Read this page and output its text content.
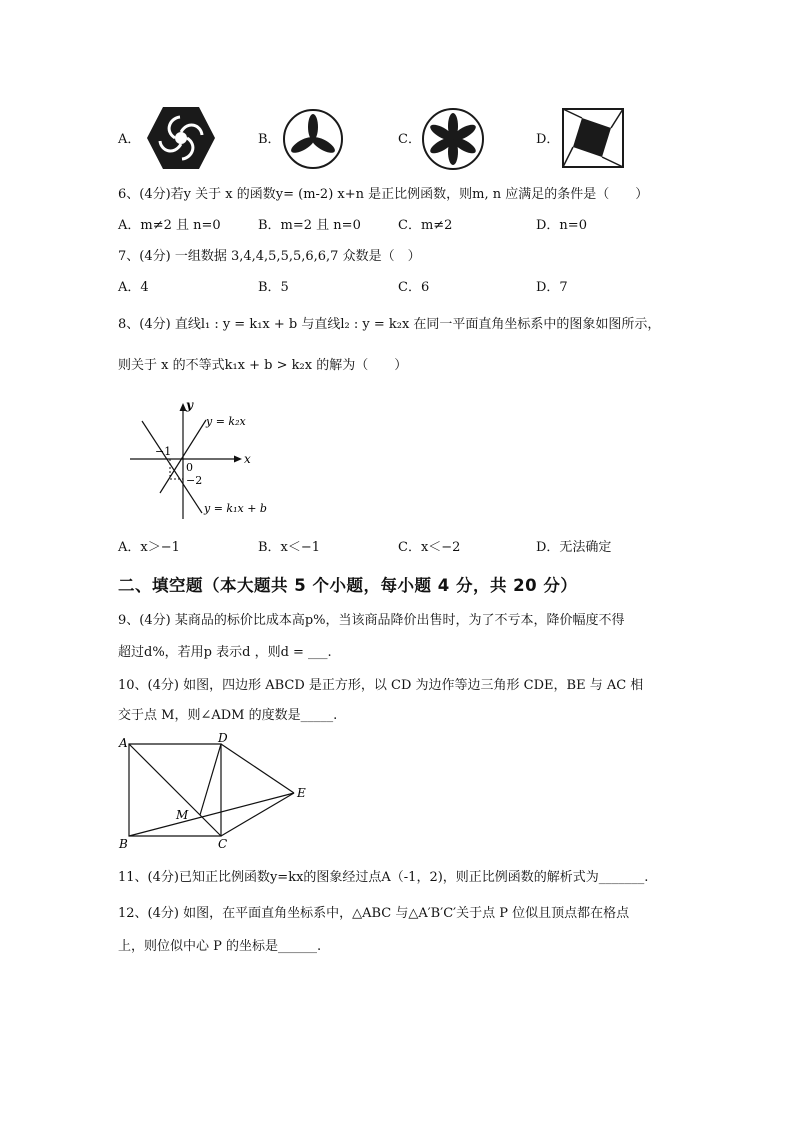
A．	B．	C．	D．
6、(4分)若y 关于 x 的函数y= (m-2) x+n 是正比例函数，则m, n 应满足的条件是（　　）
A．m≠2 且 n=0	B．m=2 且 n=0	C．m≠2	D．n=0
7、(4分) 一组数据 3,4,4,5,5,5,6,6,7 众数是（　）
A．4	B．5	C．6	D．7
8、(4分) 直线l₁ : y = k₁x + b 与直线l₂ : y = k₂x 在同一平面直角坐标系中的图象如图所示，
则关于 x 的不等式k₁x + b > k₂x 的解为（　　）
x
y
0
−1
−2
y = k₂x
y = k₁x + b
A．x＞−1	B．x＜−1	C．x＜−2	D．无法确定
二、填空题（本大题共 5 个小题，每小题 4 分，共 20 分）
9、(4分) 某商品的标价比成本高p%，当该商品降价出售时，为了不亏本，降价幅度不得
超过d%，若用p 表示d ，则d = ___.
10、(4分) 如图，四边形 ABCD 是正方形，以 CD 为边作等边三角形 CDE，BE 与 AC 相
交于点 M，则∠ADM 的度数是_____.
A	D
B	C
E
M
11、(4分)已知正比例函数y=kx的图象经过点A（-1，2)，则正比例函数的解析式为_______.
12、(4分) 如图，在平面直角坐标系中，△ABC 与△A′B′C′关于点 P 位似且顶点都在格点
上，则位似中心 P 的坐标是______.
